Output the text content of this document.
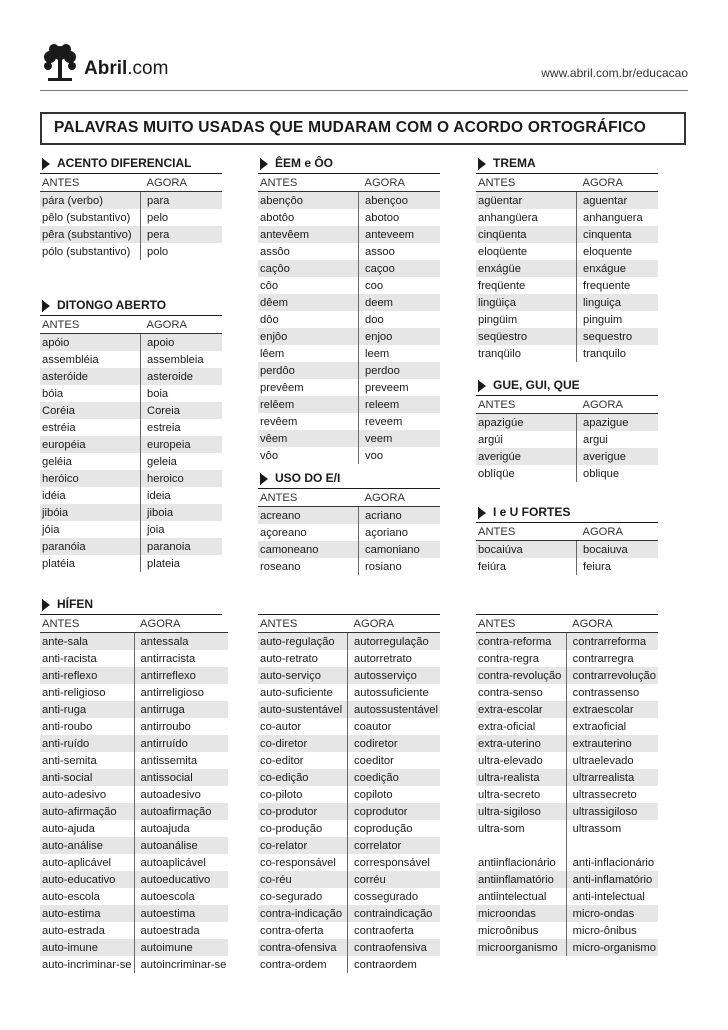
Abril.com	www.abril.com.br/educacao
PALAVRAS MUITO USADAS QUE MUDARAM COM O ACORDO ORTOGRÁFICO
ACENTO DIFERENCIAL
ANTES	AGORA
pára (verbo)	para
pêlo (substantivo)	pelo
pêra (substantivo)	pera
pólo (substantivo)	polo
DITONGO ABERTO
ANTES	AGORA
apóio	apoio
assembléia	assembleia
asteróide	asteroide
bóia	boia
Coréia	Coreia
estréia	estreia
européia	europeia
geléia	geleia
heróico	heroico
idéia	ideia
jibóia	jiboia
jóia	joia
paranóia	paranoia
platéia	plateia
ÊEM e ÔO
ANTES	AGORA
abençôo	abençoo
abotôo	abotoo
antevêem	anteveem
assôo	assoo
caçôo	caçoo
côo	coo
dêem	deem
dôo	doo
enjôo	enjoo
lêem	leem
perdôo	perdoo
prevêem	preveem
relêem	releem
revêem	reveem
vêem	veem
vôo	voo
USO DO E/I
ANTES	AGORA
acreano	acriano
açoreano	açoriano
camoneano	camoniano
roseano	rosiano
TREMA
ANTES	AGORA
agüentar	aguentar
anhangüera	anhanguera
cinqüenta	cinquenta
eloqüente	eloquente
enxágüe	enxágue
freqüente	frequente
lingüiça	linguiça
pingüim	pinguim
seqüestro	sequestro
tranqüilo	tranquilo
GUE, GUI, QUE
ANTES	AGORA
apazigúe	apazigue
argúi	argui
averigúe	averigue
oblíqüe	oblique
I e U FORTES
ANTES	AGORA
bocaiúva	bocaiuva
feiúra	feiura
HÍFEN
ANTES	AGORA
ante-sala	antessala
anti-racista	antirracista
anti-reflexo	antirreflexo
anti-religioso	antirreligioso
anti-ruga	antirruga
anti-roubo	antirroubo
anti-ruído	antirruído
anti-semita	antissemita
anti-social	antissocial
auto-adesivo	autoadesivo
auto-afirmação	autoafirmação
auto-ajuda	autoajuda
auto-análise	autoanálise
auto-aplicável	autoaplicável
auto-educativo	autoeducativo
auto-escola	autoescola
auto-estima	autoestima
auto-estrada	autoestrada
auto-imune	autoimune
auto-incriminar-se	autoincriminar-se
ANTES	AGORA
auto-regulação	autorregulação
auto-retrato	autorretrato
auto-serviço	autosserviço
auto-suficiente	autossuficiente
auto-sustentável	autossustentável
co-autor	coautor
co-diretor	codiretor
co-editor	coeditor
co-edição	coedição
co-piloto	copiloto
co-produtor	coprodutor
co-produção	coprodução
co-relator	correlator
co-responsável	corresponsável
co-réu	corréu
co-segurado	cossegurado
contra-indicação	contraindicação
contra-oferta	contraoferta
contra-ofensiva	contraofensiva
contra-ordem	contraordem
ANTES	AGORA
contra-reforma	contrarreforma
contra-regra	contrarregra
contra-revolução	contrarrevolução
contra-senso	contrassenso
extra-escolar	extraescolar
extra-oficial	extraoficial
extra-uterino	extrauterino
ultra-elevado	ultraelevado
ultra-realista	ultrarrealista
ultra-secreto	ultrassecreto
ultra-sigiloso	ultrassigiloso
ultra-som	ultrassom

antiinflacionário	anti-inflacionário
antiinflamatório	anti-inflamatório
antiintelectual	anti-intelectual
microondas	micro-ondas
microônibus	micro-ônibus
microorganismo	micro-organismo
